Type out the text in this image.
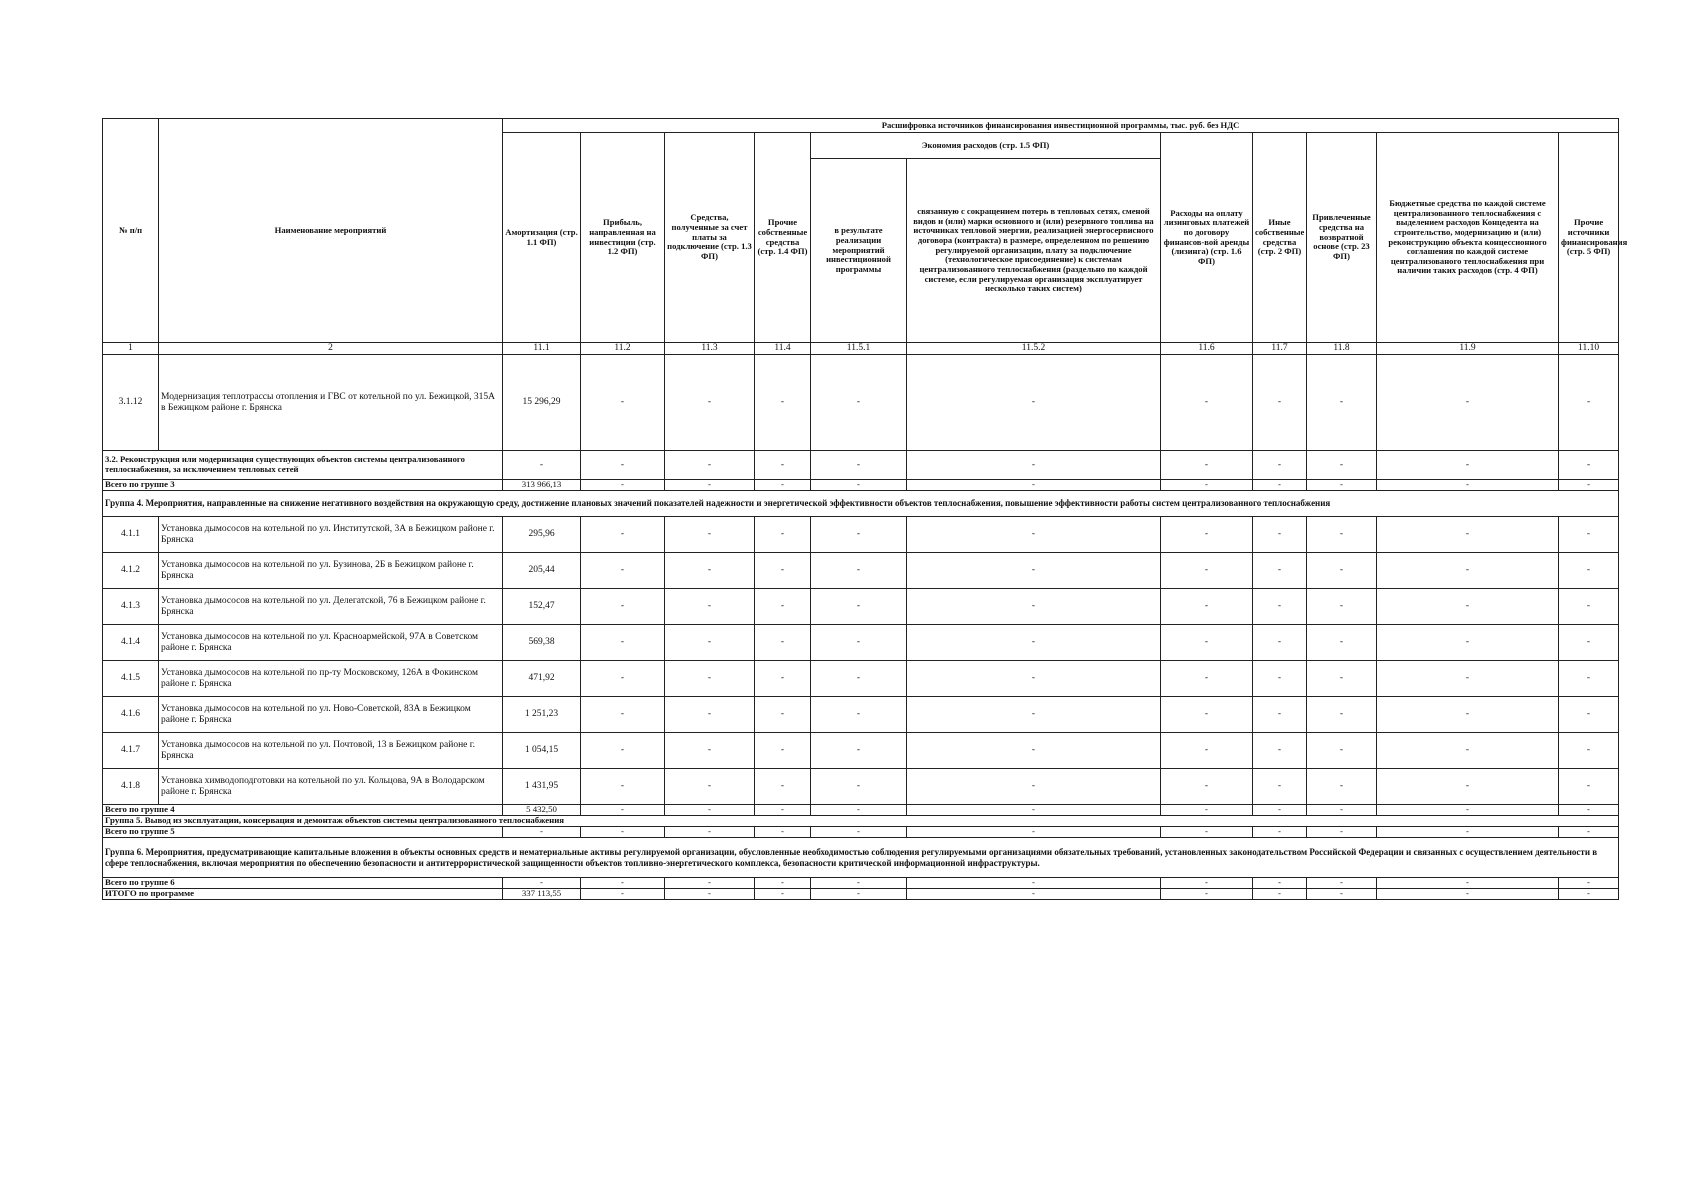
№ п/п	Наименование мероприятий	Расшифровка источников финансирования инвестиционной программы, тыс. руб. без НДС										
		Амортизация (стр. 1.1 ФП)	Прибыль, направленная на инвестиции (стр. 1.2 ФП)	Средства, полученные за счет платы за подключение (стр. 1.3 ФП)	Прочие собственные средства (стр. 1.4 ФП)	Экономия расходов (стр. 1.5 ФП)		Расходы на оплату лизинговых платежей по договору финансов-вой аренды (лизинга) (стр. 1.6 ФП)	Иные собственные средства (стр. 2 ФП)	Привлеченные средства на возвратной основе (стр. 23 ФП)	Бюджетные средства по каждой системе централизованного теплоснабжения с выделением расходов Концедента на строительство, модернизацию и (или) реконструкцию объекта концессионного соглашения по каждой системе централизованого теплоснабжения при наличии таких расходов (стр. 4 ФП)	Прочие источники финансирования (стр. 5 ФП)
						в результате реализации мероприятий инвестиционной программы	связанную с сокращением потерь в тепловых сетях, сменой видов и (или) марки основного и (или) резервного топлива на источниках тепловой энергии, реализацией энергосервисного договора (контракта) в размере, определенном по решению регулируемой организации, плату за подключение (технологическое присоединение) к системам централизованного теплоснабжения (раздельно по каждой системе, если регулируемая организация эксплуатирует несколько таких систем)					
1	2	11.1	11.2	11.3	11.4	11.5.1	11.5.2	11.6	11.7	11.8	11.9	11.10
3.1.12	Модернизация теплотрассы отопления и ГВС от котельной по ул. Бежицкой, 315А в Бежицком районе г. Брянска	15 296,29	-	-	-	-	-	-	-	-	-	-
3.2. Реконструкция или модернизация существующих объектов системы централизованного теплоснабжения, за исключением тепловых сетей		-	-	-	-	-	-	-	-	-	-	-
Всего по группе 3		313 966,13	-	-	-	-	-	-	-	-	-	-
Группа 4. Мероприятия, направленные на снижение негативного воздействия на окружающую среду, достижение плановых значений показателей надежности и энергетической эффективности объектов теплоснабжения, повышение эффективности работы систем централизованного теплоснабжения												
4.1.1	Установка дымососов на котельной по ул. Институтской, 3А в Бежицком районе г. Брянска	295,96	-	-	-	-	-	-	-	-	-	-
4.1.2	Установка дымососов на котельной по ул. Бузинова, 2Б в Бежицком районе г. Брянска	205,44	-	-	-	-	-	-	-	-	-	-
4.1.3	Установка дымососов на котельной по ул. Делегатской, 76 в Бежицком районе г. Брянска	152,47	-	-	-	-	-	-	-	-	-	-
4.1.4	Установка дымососов на котельной по ул. Красноармейской, 97А в Советском районе г. Брянска	569,38	-	-	-	-	-	-	-	-	-	-
4.1.5	Установка дымососов на котельной по пр-ту Московскому, 126А в Фокинском районе г. Брянска	471,92	-	-	-	-	-	-	-	-	-	-
4.1.6	Установка дымососов на котельной по ул. Ново-Советской, 83А в Бежицком районе г. Брянска	1 251,23	-	-	-	-	-	-	-	-	-	-
4.1.7	Установка дымососов на котельной по ул. Почтовой, 13 в Бежицком районе г. Брянска	1 054,15	-	-	-	-	-	-	-	-	-	-
4.1.8	Установка химводоподготовки на котельной по ул. Кольцова, 9А в Володарском районе г. Брянска	1 431,95	-	-	-	-	-	-	-	-	-	-
Всего по группе 4		5 432,50	-	-	-	-	-	-	-	-	-	-
Группа 5. Вывод из эксплуатации, консервация и демонтаж объектов системы централизованного теплоснабжения												
Всего по группе 5		-	-	-	-	-	-	-	-	-	-	-
Группа 6. Мероприятия, предусматривающие капитальные вложения в объекты основных средств и нематериальные активы регулируемой организации, обусловленные необходимостью соблюдения регулируемыми организациями обязательных требований, установленных законодательством Российской Федерации и связанных с осуществлением деятельности в сфере теплоснабжения, включая мероприятия по обеспечению безопасности и антитеррористической защищенности объектов топливно-энергетического комплекса, безопасности критической информационной инфраструктуры.												
Всего по группе 6		-	-	-	-	-	-	-	-	-	-	-
ИТОГО по программе		337 113,55	-	-	-	-	-	-	-	-	-	-
